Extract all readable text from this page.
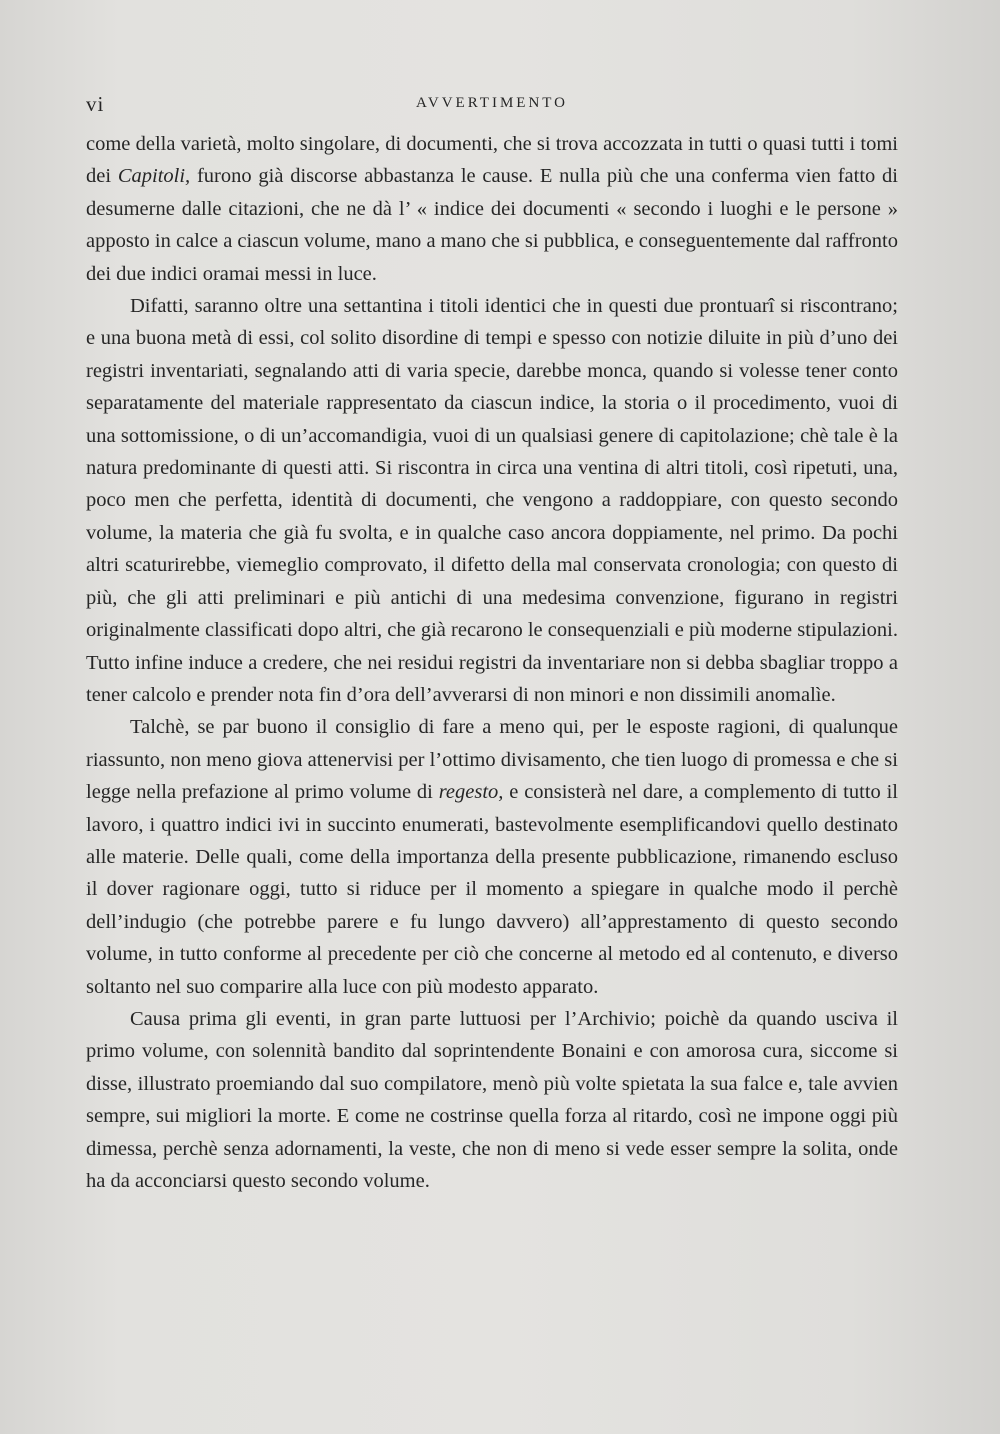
vi	AVVERTIMENTO

come della varietà, molto singolare, di documenti, che si trova accozzata in tutti o quasi tutti i tomi dei Capitoli, furono già discorse abbastanza le cause. E nulla più che una conferma vien fatto di desumerne dalle citazioni, che ne dà l’ « indice dei documenti « secondo i luoghi e le persone » apposto in calce a ciascun volume, mano a mano che si pubblica, e conseguentemente dal raffronto dei due indici oramai messi in luce.

Difatti, saranno oltre una settantina i titoli identici che in questi due prontuarî si riscontrano; e una buona metà di essi, col solito disordine di tempi e spesso con notizie diluite in più d’uno dei registri inventariati, segnalando atti di varia specie, darebbe monca, quando si volesse tener conto separatamente del materiale rappresentato da ciascun indice, la storia o il procedimento, vuoi di una sottomissione, o di un’accomandigia, vuoi di un qualsiasi genere di capitolazione; chè tale è la natura predominante di questi atti. Si riscontra in circa una ventina di altri titoli, così ripetuti, una, poco men che perfetta, identità di documenti, che vengono a raddoppiare, con questo secondo volume, la materia che già fu svolta, e in qualche caso ancora doppiamente, nel primo. Da pochi altri scaturirebbe, viemeglio comprovato, il difetto della mal conservata cronologia; con questo di più, che gli atti preliminari e più antichi di una medesima convenzione, figurano in registri originalmente classificati dopo altri, che già recarono le consequenziali e più moderne stipulazioni. Tutto infine induce a credere, che nei residui registri da inventariare non si debba sbagliar troppo a tener calcolo e prender nota fin d’ora dell’avverarsi di non minori e non dissimili anomalìe.

Talchè, se par buono il consiglio di fare a meno qui, per le esposte ragioni, di qualunque riassunto, non meno giova attenervisi per l’ottimo divisamento, che tien luogo di promessa e che si legge nella prefazione al primo volume di regesto, e consisterà nel dare, a complemento di tutto il lavoro, i quattro indici ivi in succinto enumerati, bastevolmente esemplificandovi quello destinato alle materie. Delle quali, come della importanza della presente pubblicazione, rimanendo escluso il dover ragionare oggi, tutto si riduce per il momento a spiegare in qualche modo il perchè dell’indugio (che potrebbe parere e fu lungo davvero) all’apprestamento di questo secondo volume, in tutto conforme al precedente per ciò che concerne al metodo ed al contenuto, e diverso soltanto nel suo comparire alla luce con più modesto apparato.

Causa prima gli eventi, in gran parte luttuosi per l’Archivio; poichè da quando usciva il primo volume, con solennità bandito dal soprintendente Bonaini e con amorosa cura, siccome si disse, illustrato proemiando dal suo compilatore, menò più volte spietata la sua falce e, tale avvien sempre, sui migliori la morte. E come ne costrinse quella forza al ritardo, così ne impone oggi più dimessa, perchè senza adornamenti, la veste, che non di meno si vede esser sempre la solita, onde ha da acconciarsi questo secondo volume.
